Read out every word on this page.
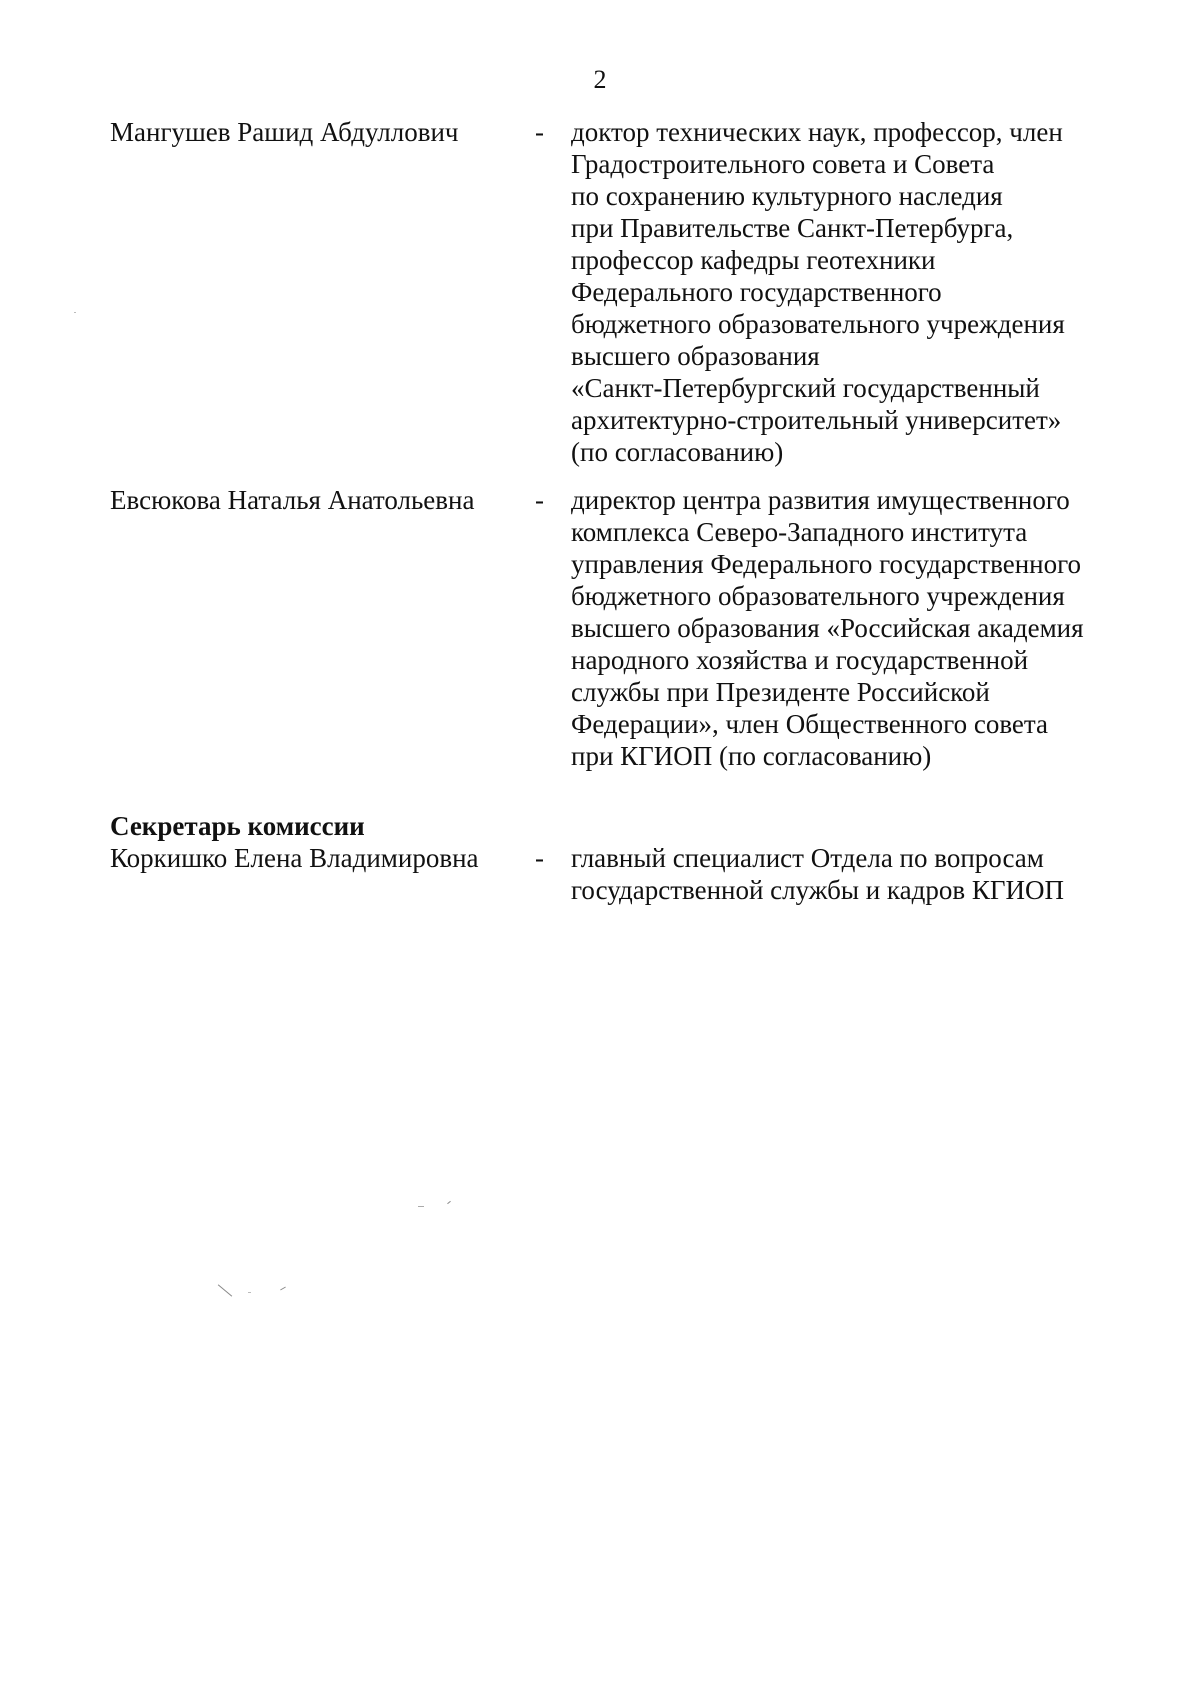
2
Мангушев Рашид Абдуллович	- доктор технических наук, профессор, член
Градостроительного совета и Совета
по сохранению культурного наследия
при Правительстве Санкт-Петербурга,
профессор кафедры геотехники
Федерального государственного
бюджетного образовательного учреждения
высшего образования
«Санкт-Петербургский государственный
архитектурно-строительный университет»
(по согласованию)
Евсюкова Наталья Анатольевна - директор центра развития имущественного
комплекса Северо-Западного института
управления Федерального государственного
бюджетного образовательного учреждения
высшего образования «Российская академия
народного хозяйства и государственной
службы при Президенте Российской
Федерации», член Общественного совета
при КГИОП (по согласованию)
Секретарь комиссии
Коркишко Елена Владимировна - главный специалист Отдела по вопросам
государственной службы и кадров КГИОП
